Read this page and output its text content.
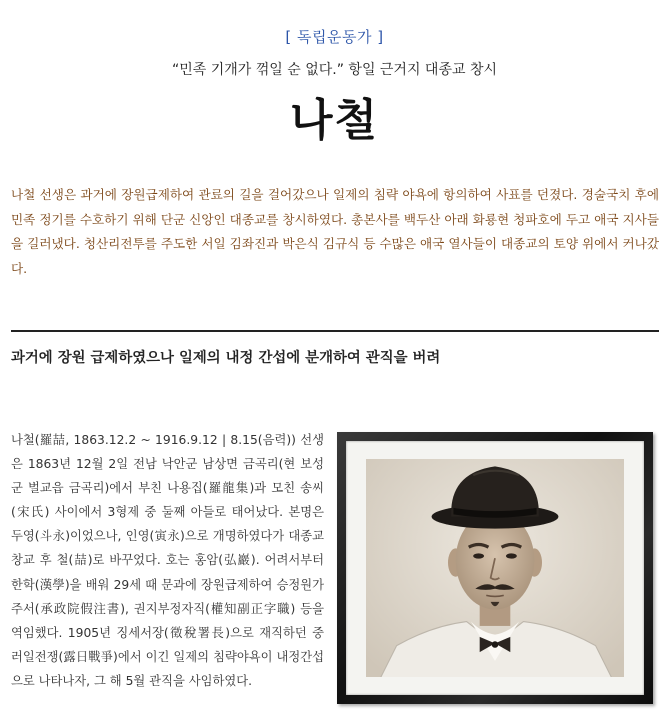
[ 독립운동가 ]
“민족 기개가 꺾일 순 없다.” 항일 근거지 대종교 창시
나철

나철 선생은 과거에 장원급제하여 관료의 길을 걸어갔으나 일제의 침략 야욕에 항의하여 사표를 던졌다. 경술국치 후에 민족 정기를 수호하기 위해 단군 신앙인 대종교를 창시하였다. 총본사를 백두산 아래 화룡현 청파호에 두고 애국 지사들을 길러냈다. 청산리전투를 주도한 서일 김좌진과 박은식 김규식 등 수많은 애국 열사들이 대종교의 토양 위에서 커나갔다.

과거에 장원 급제하였으나 일제의 내정 간섭에 분개하여 관직을 버려

나철(羅喆, 1863.12.2 ~ 1916.9.12 | 8.15(음력)) 선생은 1863년 12월 2일 전남 낙안군 남상면 금곡리(현 보성군 벌교읍 금곡리)에서 부친 나용집(羅龍集)과 모친 송씨(宋氏) 사이에서 3형제 중 둘째 아들로 태어났다. 본명은 두영(斗永)이었으나, 인영(寅永)으로 개명하였다가 대종교 창교 후 철(喆)로 바꾸었다. 호는 홍암(弘巖). 어려서부터 한학(漢學)을 배워 29세 때 문과에 장원급제하여 승정원가주서(承政院假注書), 권지부정자직(權知副正字職) 등을 역임했다. 1905년 징세서장(徵稅署長)으로 재직하던 중 러일전쟁(露日戰爭)에서 이긴 일제의 침략야욕이 내정간섭으로 나타나자, 그 해 5월 관직을 사임하였다.
